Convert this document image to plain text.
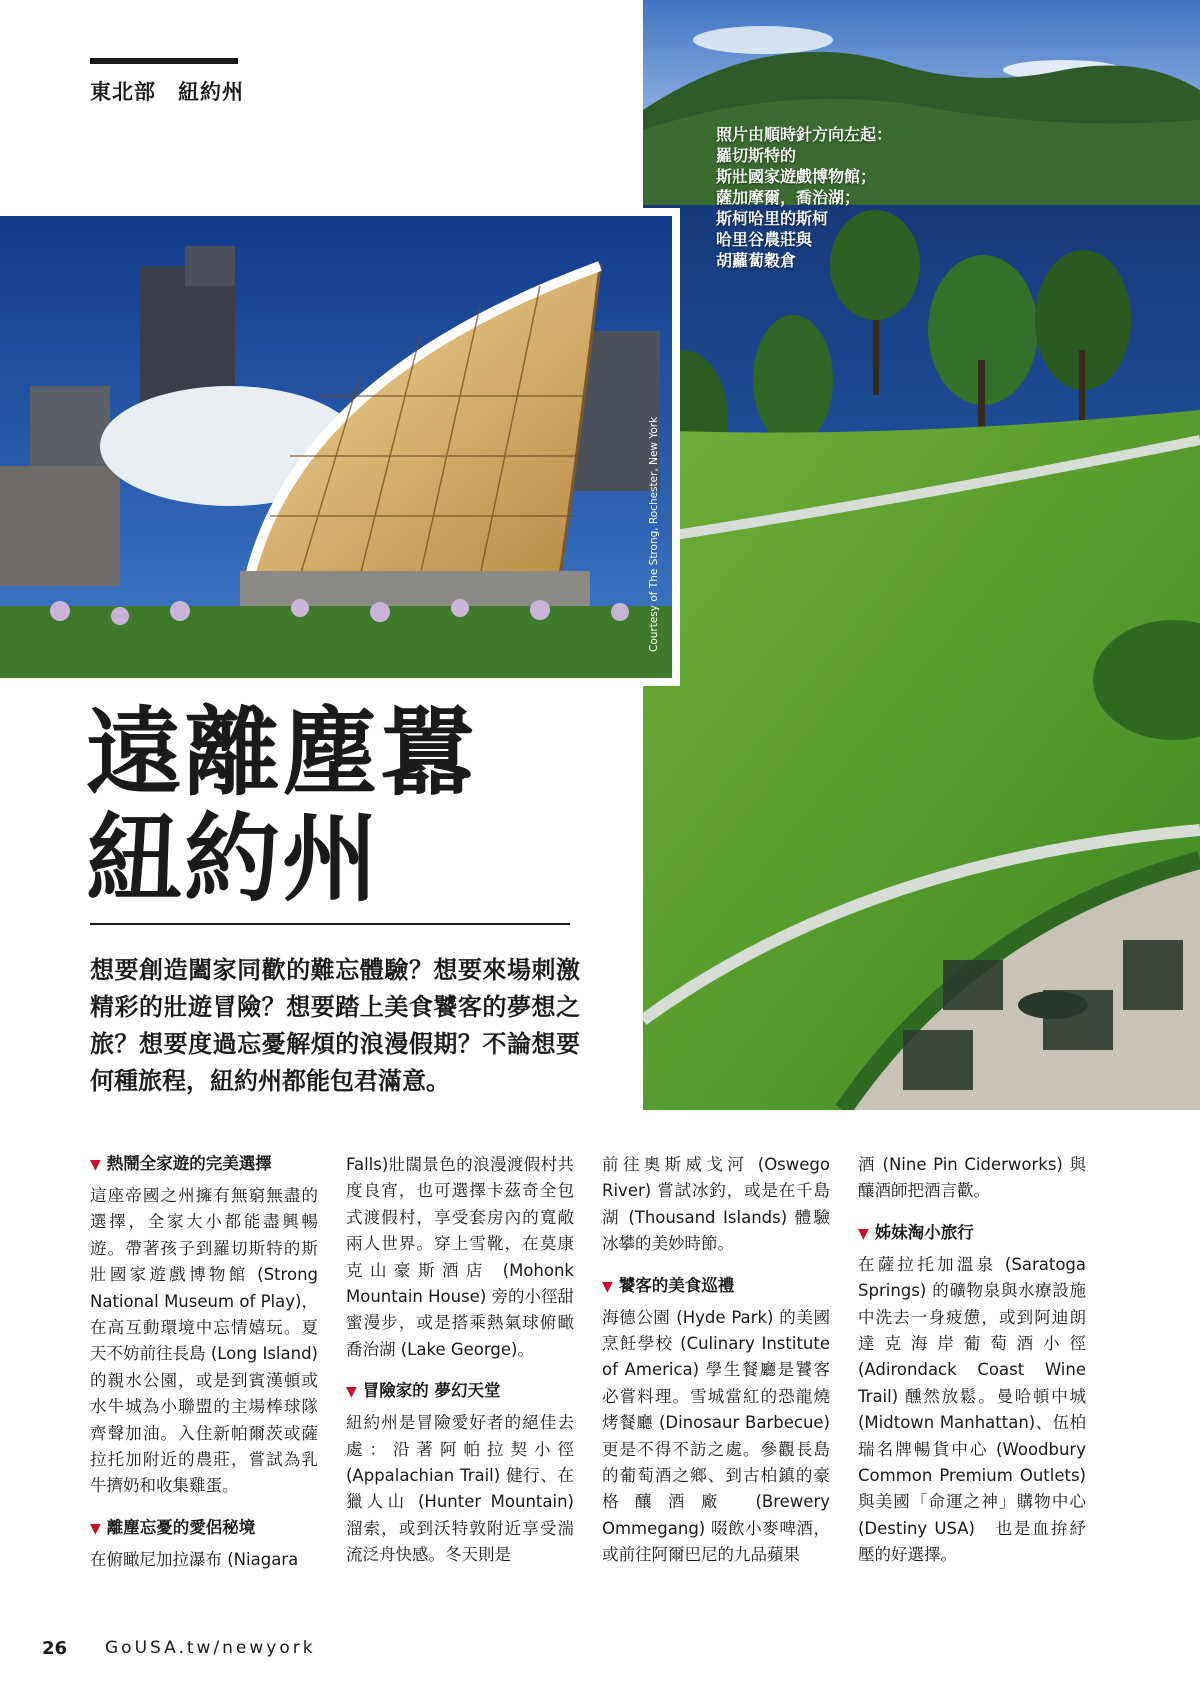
照片由順時針方向左起：
羅切斯特的
斯壯國家遊戲博物館；
薩加摩爾，喬治湖；
斯柯哈里的斯柯
哈里谷農莊與
胡蘿蔔穀倉
Courtesy of The Strong, Rochester, New York
東北部　紐約州
遠離塵囂
紐約州
想要創造闔家同歡的難忘體驗？想要來場刺激精彩的壯遊冒險？想要踏上美食饕客的夢想之旅？想要度過忘憂解煩的浪漫假期？不論想要何種旅程，紐約州都能包君滿意。
▼ 熱鬧全家遊的完美選擇

這座帝國之州擁有無窮無盡的選擇，全家大小都能盡興暢遊。帶著孩子到羅切斯特的斯壯國家遊戲博物館 (Strong National Museum of Play)，在高互動環境中忘情嬉玩。夏天不妨前往長島 (Long Island) 的親水公園，或是到賓漢頓或水牛城為小聯盟的主場棒球隊齊聲加油。入住新帕爾茨或薩拉托加附近的農莊，嘗試為乳牛擠奶和收集雞蛋。

▼ 離塵忘憂的愛侶秘境

在俯瞰尼加拉瀑布 (Niagara

Falls)壯闊景色的浪漫渡假村共度良宵，也可選擇卡茲奇全包式渡假村，享受套房內的寬敞兩人世界。穿上雪靴，在莫康克山豪斯酒店 (Mohonk Mountain House) 旁的小徑甜蜜漫步，或是搭乘熱氣球俯瞰喬治湖 (Lake George)。

▼ 冒險家的 夢幻天堂

紐約州是冒險愛好者的絕佳去處：沿著阿帕拉契小徑 (Appalachian Trail) 健行、在獵人山 (Hunter Mountain) 溜索，或到沃特敦附近享受湍流泛舟快感。冬天則是

前往奧斯威戈河 (Oswego River) 嘗試冰釣，或是在千島湖 (Thousand Islands) 體驗冰攀的美妙時節。

▼ 饕客的美食巡禮

海德公園 (Hyde Park) 的美國烹飪學校 (Culinary Institute of America) 學生餐廳是饕客必嘗料理。雪城當紅的恐龍燒烤餐廳 (Dinosaur Barbecue) 更是不得不訪之處。參觀長島的葡萄酒之鄉、到古柏鎮的豪格釀酒廠 (Brewery Ommegang) 啜飲小麥啤酒，或前往阿爾巴尼的九品蘋果

酒 (Nine Pin Ciderworks) 與釀酒師把酒言歡。

▼ 姊妹淘小旅行

在薩拉托加溫泉 (Saratoga Springs) 的礦物泉與水療設施中洗去一身疲憊，或到阿迪朗達克海岸葡萄酒小徑 (Adirondack Coast Wine Trail) 醺然放鬆。曼哈頓中城 (Midtown Manhattan)、伍柏瑞名牌暢貨中心 (Woodbury Common Premium Outlets) 與美國「命運之神」購物中心 (Destiny USA)　也是血拚紓壓的好選擇。

26 GoUSA.tw/newyork
